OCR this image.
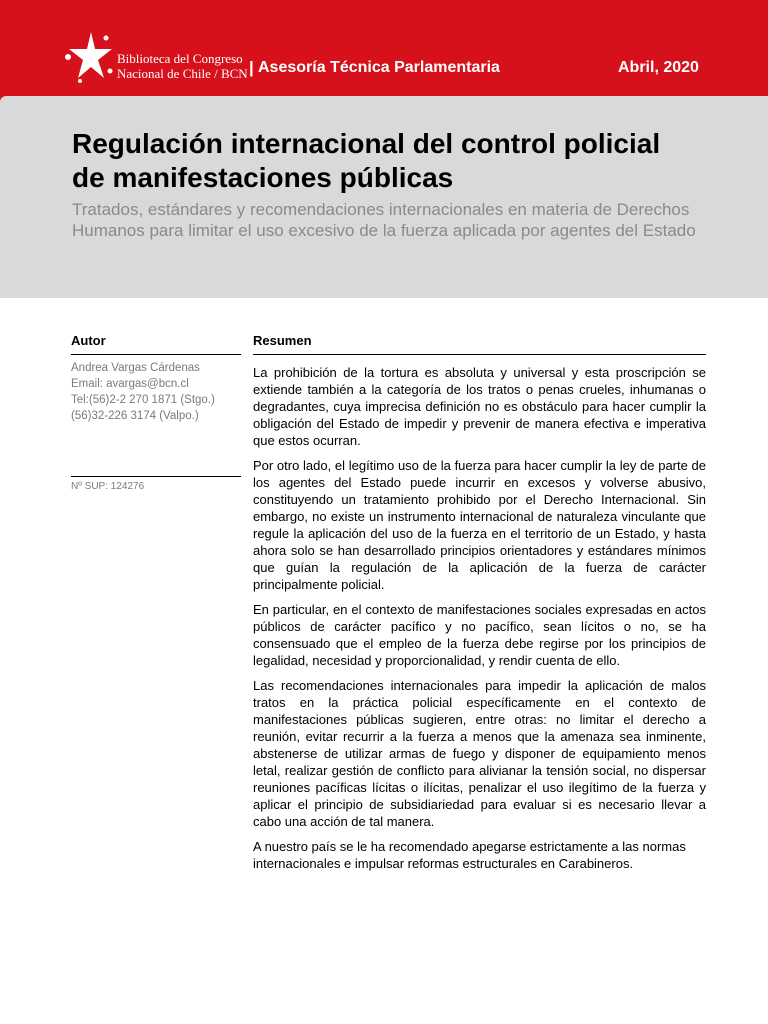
Biblioteca del Congreso
Nacional de Chile / BCN | Asesoría Técnica Parlamentaria	Abril, 2020
Regulación internacional del control policial
de manifestaciones públicas
Tratados, estándares y recomendaciones internacionales en materia de Derechos Humanos para limitar el uso excesivo de la fuerza aplicada por agentes del Estado
Autor
Andrea Vargas Cárdenas
Email: avargas@bcn.cl
Tel:(56)2-2 270 1871 (Stgo.)
(56)32-226 3174 (Valpo.)
Nº SUP: 124276
Resumen

La prohibición de la tortura es absoluta y universal y esta proscripción se extiende también a la categoría de los tratos o penas crueles, inhumanas o degradantes, cuya imprecisa definición no es obstáculo para hacer cumplir la obligación del Estado de impedir y prevenir de manera efectiva e imperativa que estos ocurran.

Por otro lado, el legítimo uso de la fuerza para hacer cumplir la ley de parte de los agentes del Estado puede incurrir en excesos y volverse abusivo, constituyendo un tratamiento prohibido por el Derecho Internacional. Sin embargo, no existe un instrumento internacional de naturaleza vinculante que regule la aplicación del uso de la fuerza en el territorio de un Estado, y hasta ahora solo se han desarrollado principios orientadores y estándares mínimos que guían la regulación de la aplicación de la fuerza de carácter principalmente policial.

En particular, en el contexto de manifestaciones sociales expresadas en actos públicos de carácter pacífico y no pacífico, sean lícitos o no, se ha consensuado que el empleo de la fuerza debe regirse por los principios de legalidad, necesidad y proporcionalidad, y rendir cuenta de ello.

Las recomendaciones internacionales para impedir la aplicación de malos tratos en la práctica policial específicamente en el contexto de manifestaciones públicas sugieren, entre otras: no limitar el derecho a reunión, evitar recurrir a la fuerza a menos que la amenaza sea inminente, abstenerse de utilizar armas de fuego y disponer de equipamiento menos letal, realizar gestión de conflicto para alivianar la tensión social, no dispersar reuniones pacíficas lícitas o ilícitas, penalizar el uso ilegítimo de la fuerza y aplicar el principio de subsidiariedad para evaluar si es necesario llevar a cabo una acción de tal manera.

A nuestro país se le ha recomendado apegarse estrictamente a las normas internacionales e impulsar reformas estructurales en Carabineros.
